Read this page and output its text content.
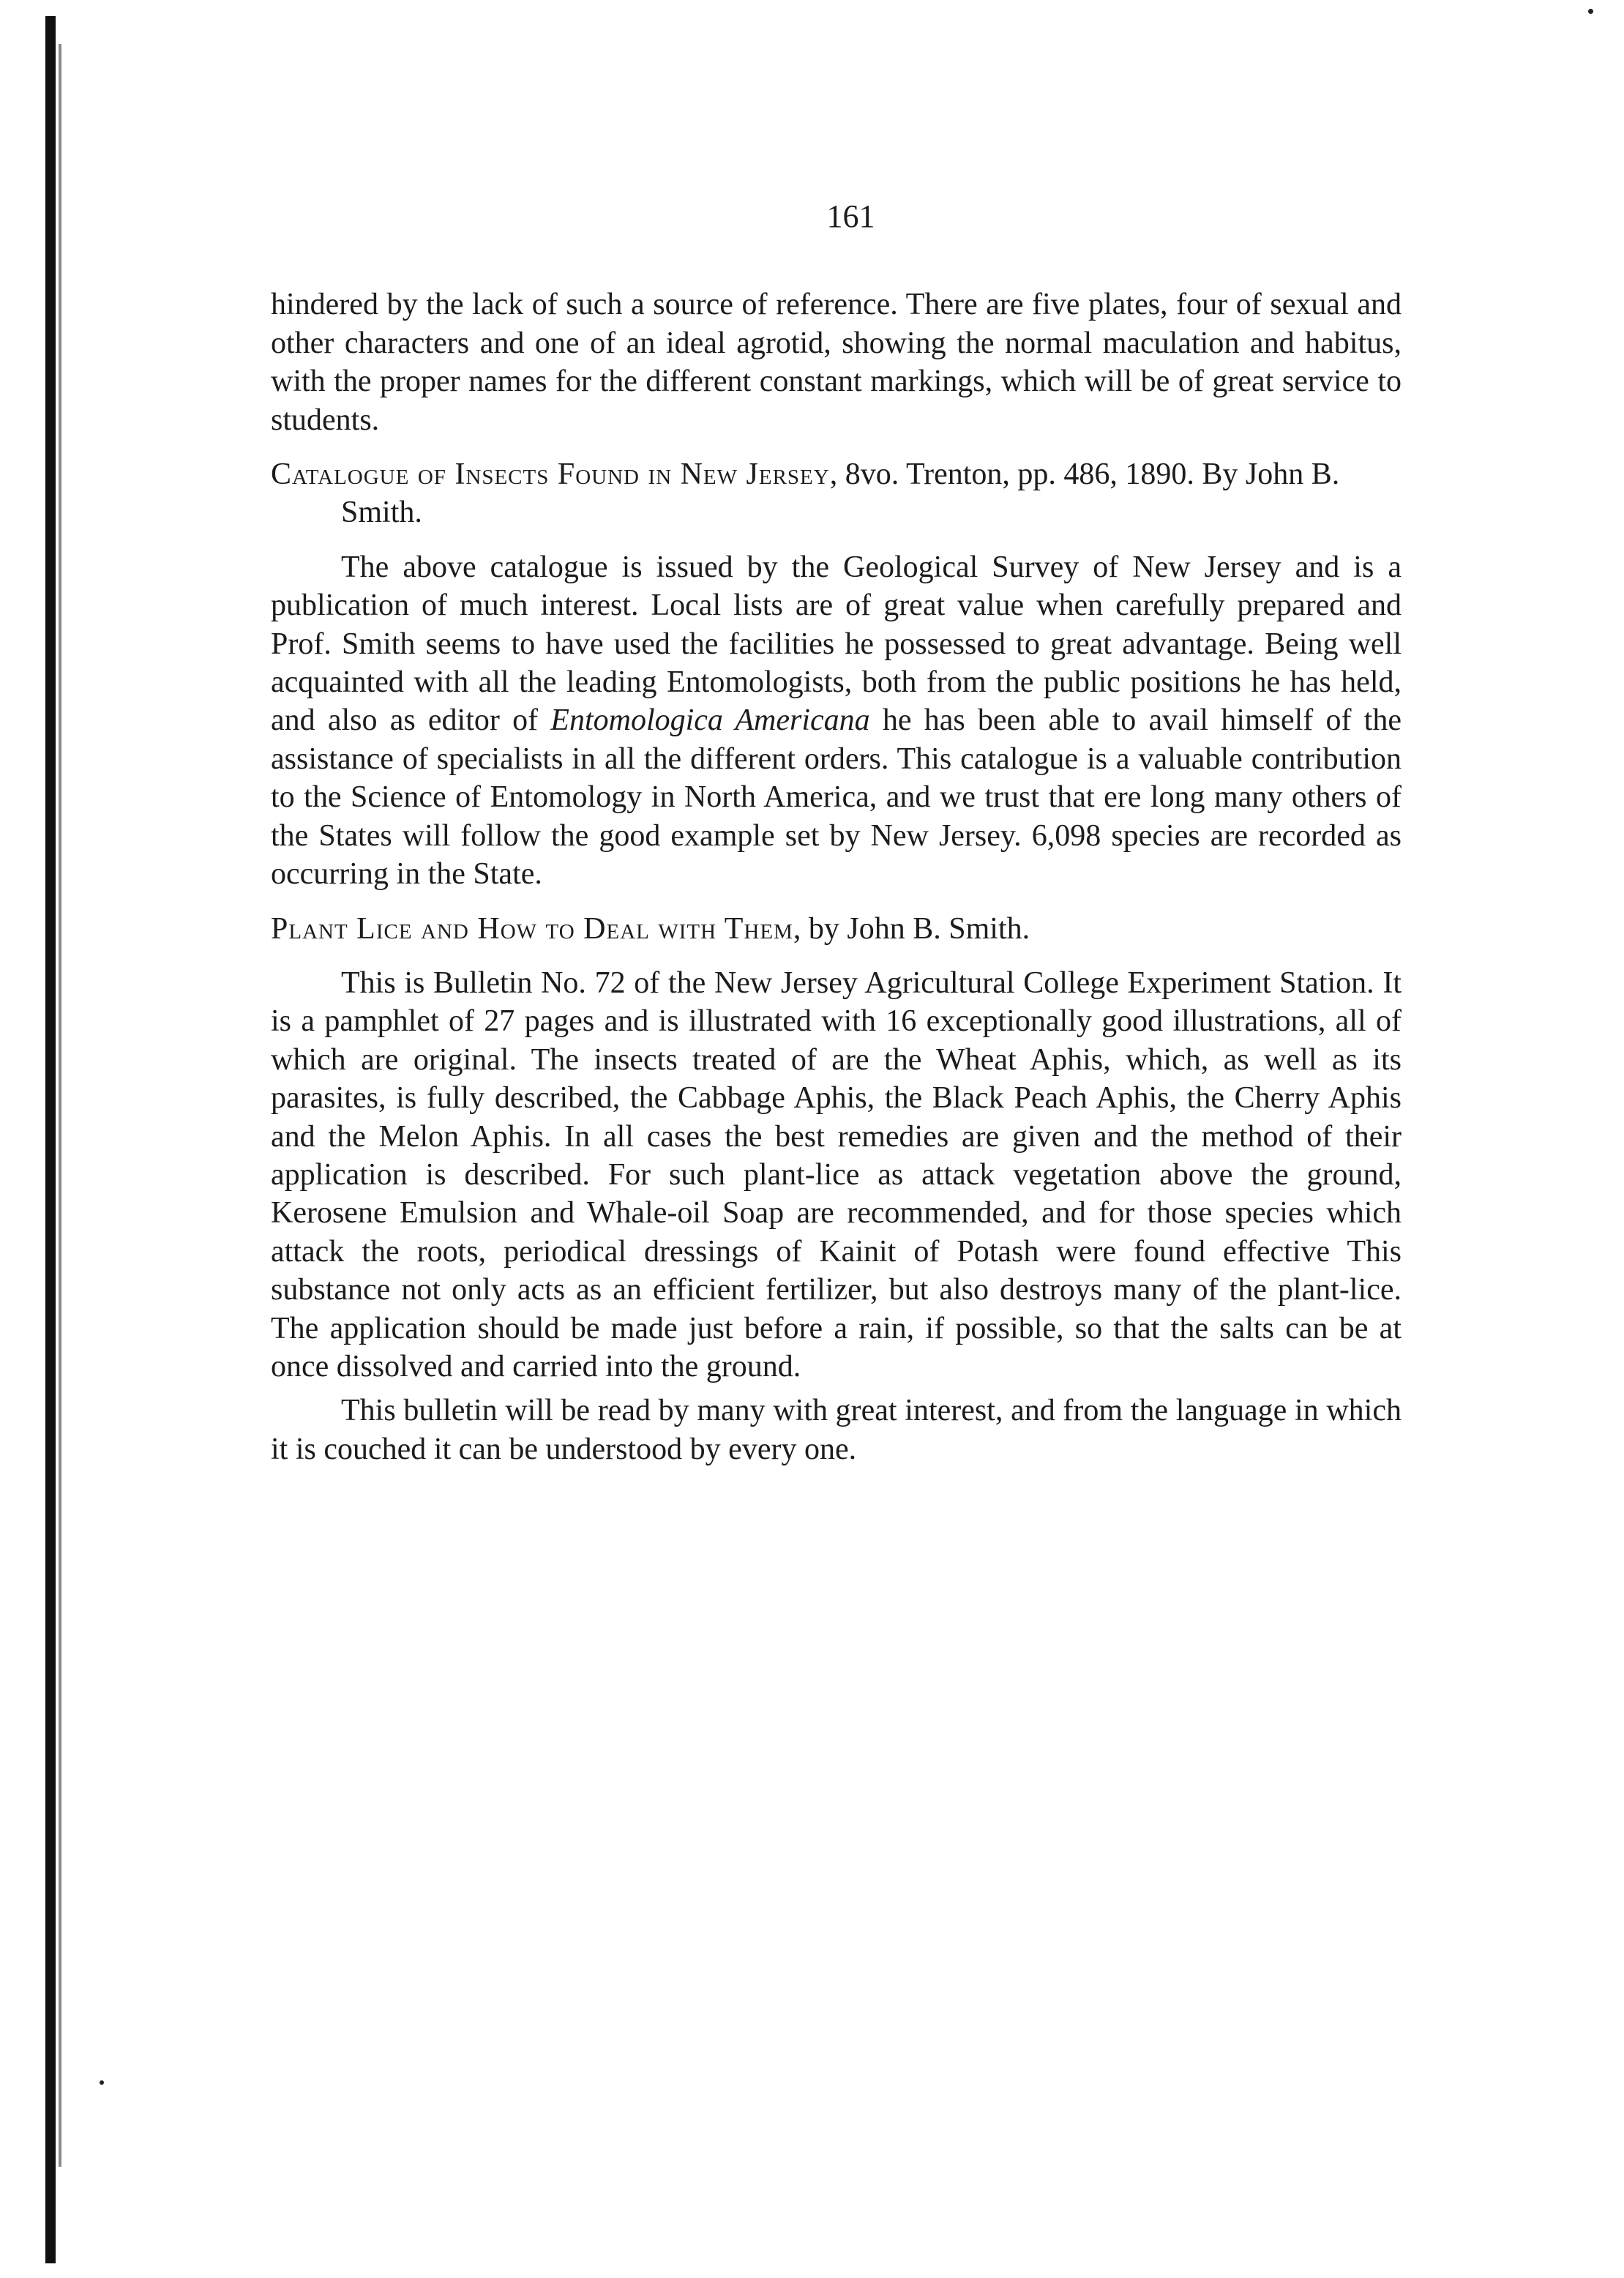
161

hindered by the lack of such a source of reference. There are five plates, four of sexual and other characters and one of an ideal agrotid, showing the normal maculation and habitus, with the proper names for the different constant markings, which will be of great service to students.

Catalogue of Insects Found in New Jersey, 8vo. Trenton, pp. 486, 1890. By John B. Smith.

The above catalogue is issued by the Geological Survey of New Jersey and is a publication of much interest. Local lists are of great value when carefully prepared and Prof. Smith seems to have used the facilities he possessed to great advantage. Being well acquainted with all the leading Entomologists, both from the public positions he has held, and also as editor of Entomologica Americana he has been able to avail himself of the assistance of specialists in all the different orders. This catalogue is a valuable contribution to the Science of Entomology in North America, and we trust that ere long many others of the States will follow the good example set by New Jersey. 6,098 species are recorded as occurring in the State.

Plant Lice and How to Deal with Them, by John B. Smith.

This is Bulletin No. 72 of the New Jersey Agricultural College Experiment Station. It is a pamphlet of 27 pages and is illustrated with 16 exceptionally good illustrations, all of which are original. The insects treated of are the Wheat Aphis, which, as well as its parasites, is fully described, the Cabbage Aphis, the Black Peach Aphis, the Cherry Aphis and the Melon Aphis. In all cases the best remedies are given and the method of their application is described. For such plant-lice as attack vegetation above the ground, Kerosene Emulsion and Whale-oil Soap are recommended, and for those species which attack the roots, periodical dressings of Kainit of Potash were found effective This substance not only acts as an efficient fertilizer, but also destroys many of the plant-lice. The application should be made just before a rain, if possible, so that the salts can be at once dissolved and carried into the ground.

This bulletin will be read by many with great interest, and from the language in which it is couched it can be understood by every one.
